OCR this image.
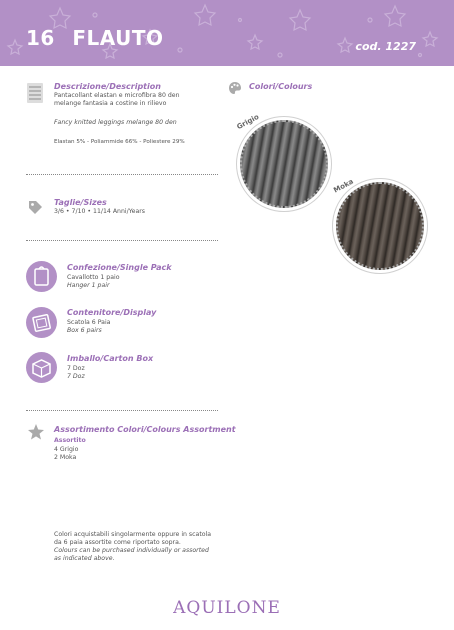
16 FLAUTO	cod. 1227
Descrizione/Description
Pantacollant elastan e microfibra 80 den
melange fantasia a costine in rilievo
Fancy knitted leggings melange 80 den
Elastan 5% - Poliammide 66% - Poliestere 29%
Colori/Colours
Grigio
Moka
Taglie/Sizes
3/6 • 7/10 • 11/14 Anni/Years
Confezione/Single Pack
Cavallotto 1 paio
Hanger 1 pair
Contenitore/Display
Scatola 6 Paia
Box 6 pairs
Imballo/Carton Box
7 Doz
7 Doz
Assortimento Colori/Colours Assortment
Assortito
4 Grigio
2 Moka
Colori acquistabili singolarmente oppure in scatola
da 6 paia assortite come riportato sopra.
Colours can be purchased individually or assorted
as indicated above.
AQUILONE
